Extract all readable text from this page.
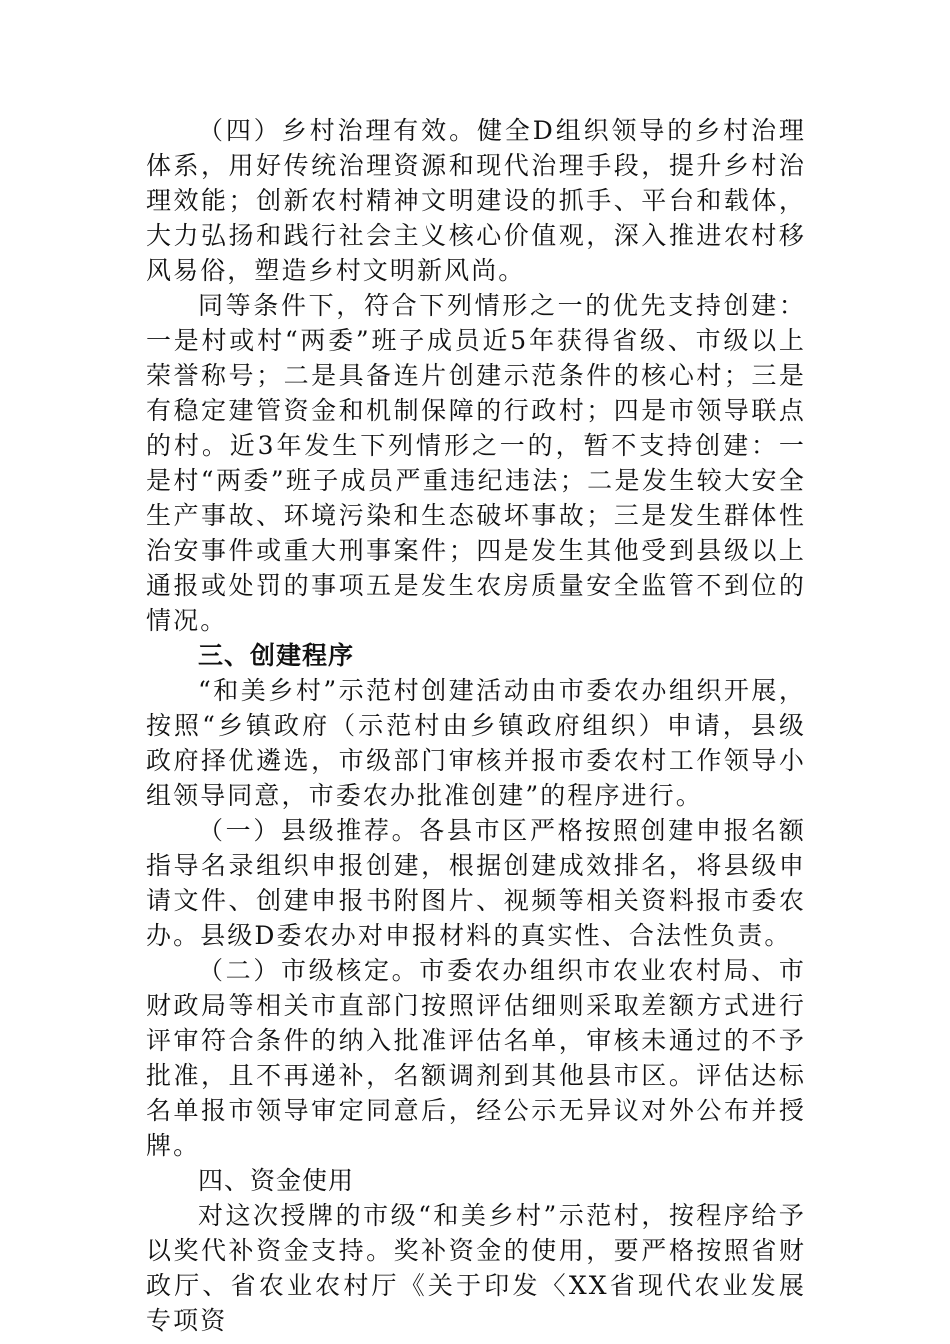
（四）乡村治理有效。健全D组织领导的乡村治理体系，用好传统治理资源和现代治理手段，提升乡村治理效能；创新农村精神文明建设的抓手、平台和载体，大力弘扬和践行社会主义核心价值观，深入推进农村移风易俗，塑造乡村文明新风尚。

同等条件下，符合下列情形之一的优先支持创建：一是村或村“两委”班子成员近5年获得省级、市级以上荣誉称号；二是具备连片创建示范条件的核心村；三是有稳定建管资金和机制保障的行政村；四是市领导联点的村。近3年发生下列情形之一的，暂不支持创建：一是村“两委”班子成员严重违纪违法；二是发生较大安全生产事故、环境污染和生态破坏事故；三是发生群体性治安事件或重大刑事案件；四是发生其他受到县级以上通报或处罚的事项五是发生农房质量安全监管不到位的情况。

三、创建程序

“和美乡村”示范村创建活动由市委农办组织开展，按照“乡镇政府（示范村由乡镇政府组织）申请，县级政府择优遴选，市级部门审核并报市委农村工作领导小组领导同意，市委农办批准创建”的程序进行。

（一）县级推荐。各县市区严格按照创建申报名额指导名录组织申报创建，根据创建成效排名，将县级申请文件、创建申报书附图片、视频等相关资料报市委农办。县级D委农办对申报材料的真实性、合法性负责。

（二）市级核定。市委农办组织市农业农村局、市财政局等相关市直部门按照评估细则采取差额方式进行评审符合条件的纳入批准评估名单，审核未通过的不予批准，且不再递补，名额调剂到其他县市区。评估达标名单报市领导审定同意后，经公示无异议对外公布并授牌。

四、资金使用

对这次授牌的市级“和美乡村”示范村，按程序给予以奖代补资金支持。奖补资金的使用，要严格按照省财政厅、省农业农村厅《关于印发〈XX省现代农业发展专项资
